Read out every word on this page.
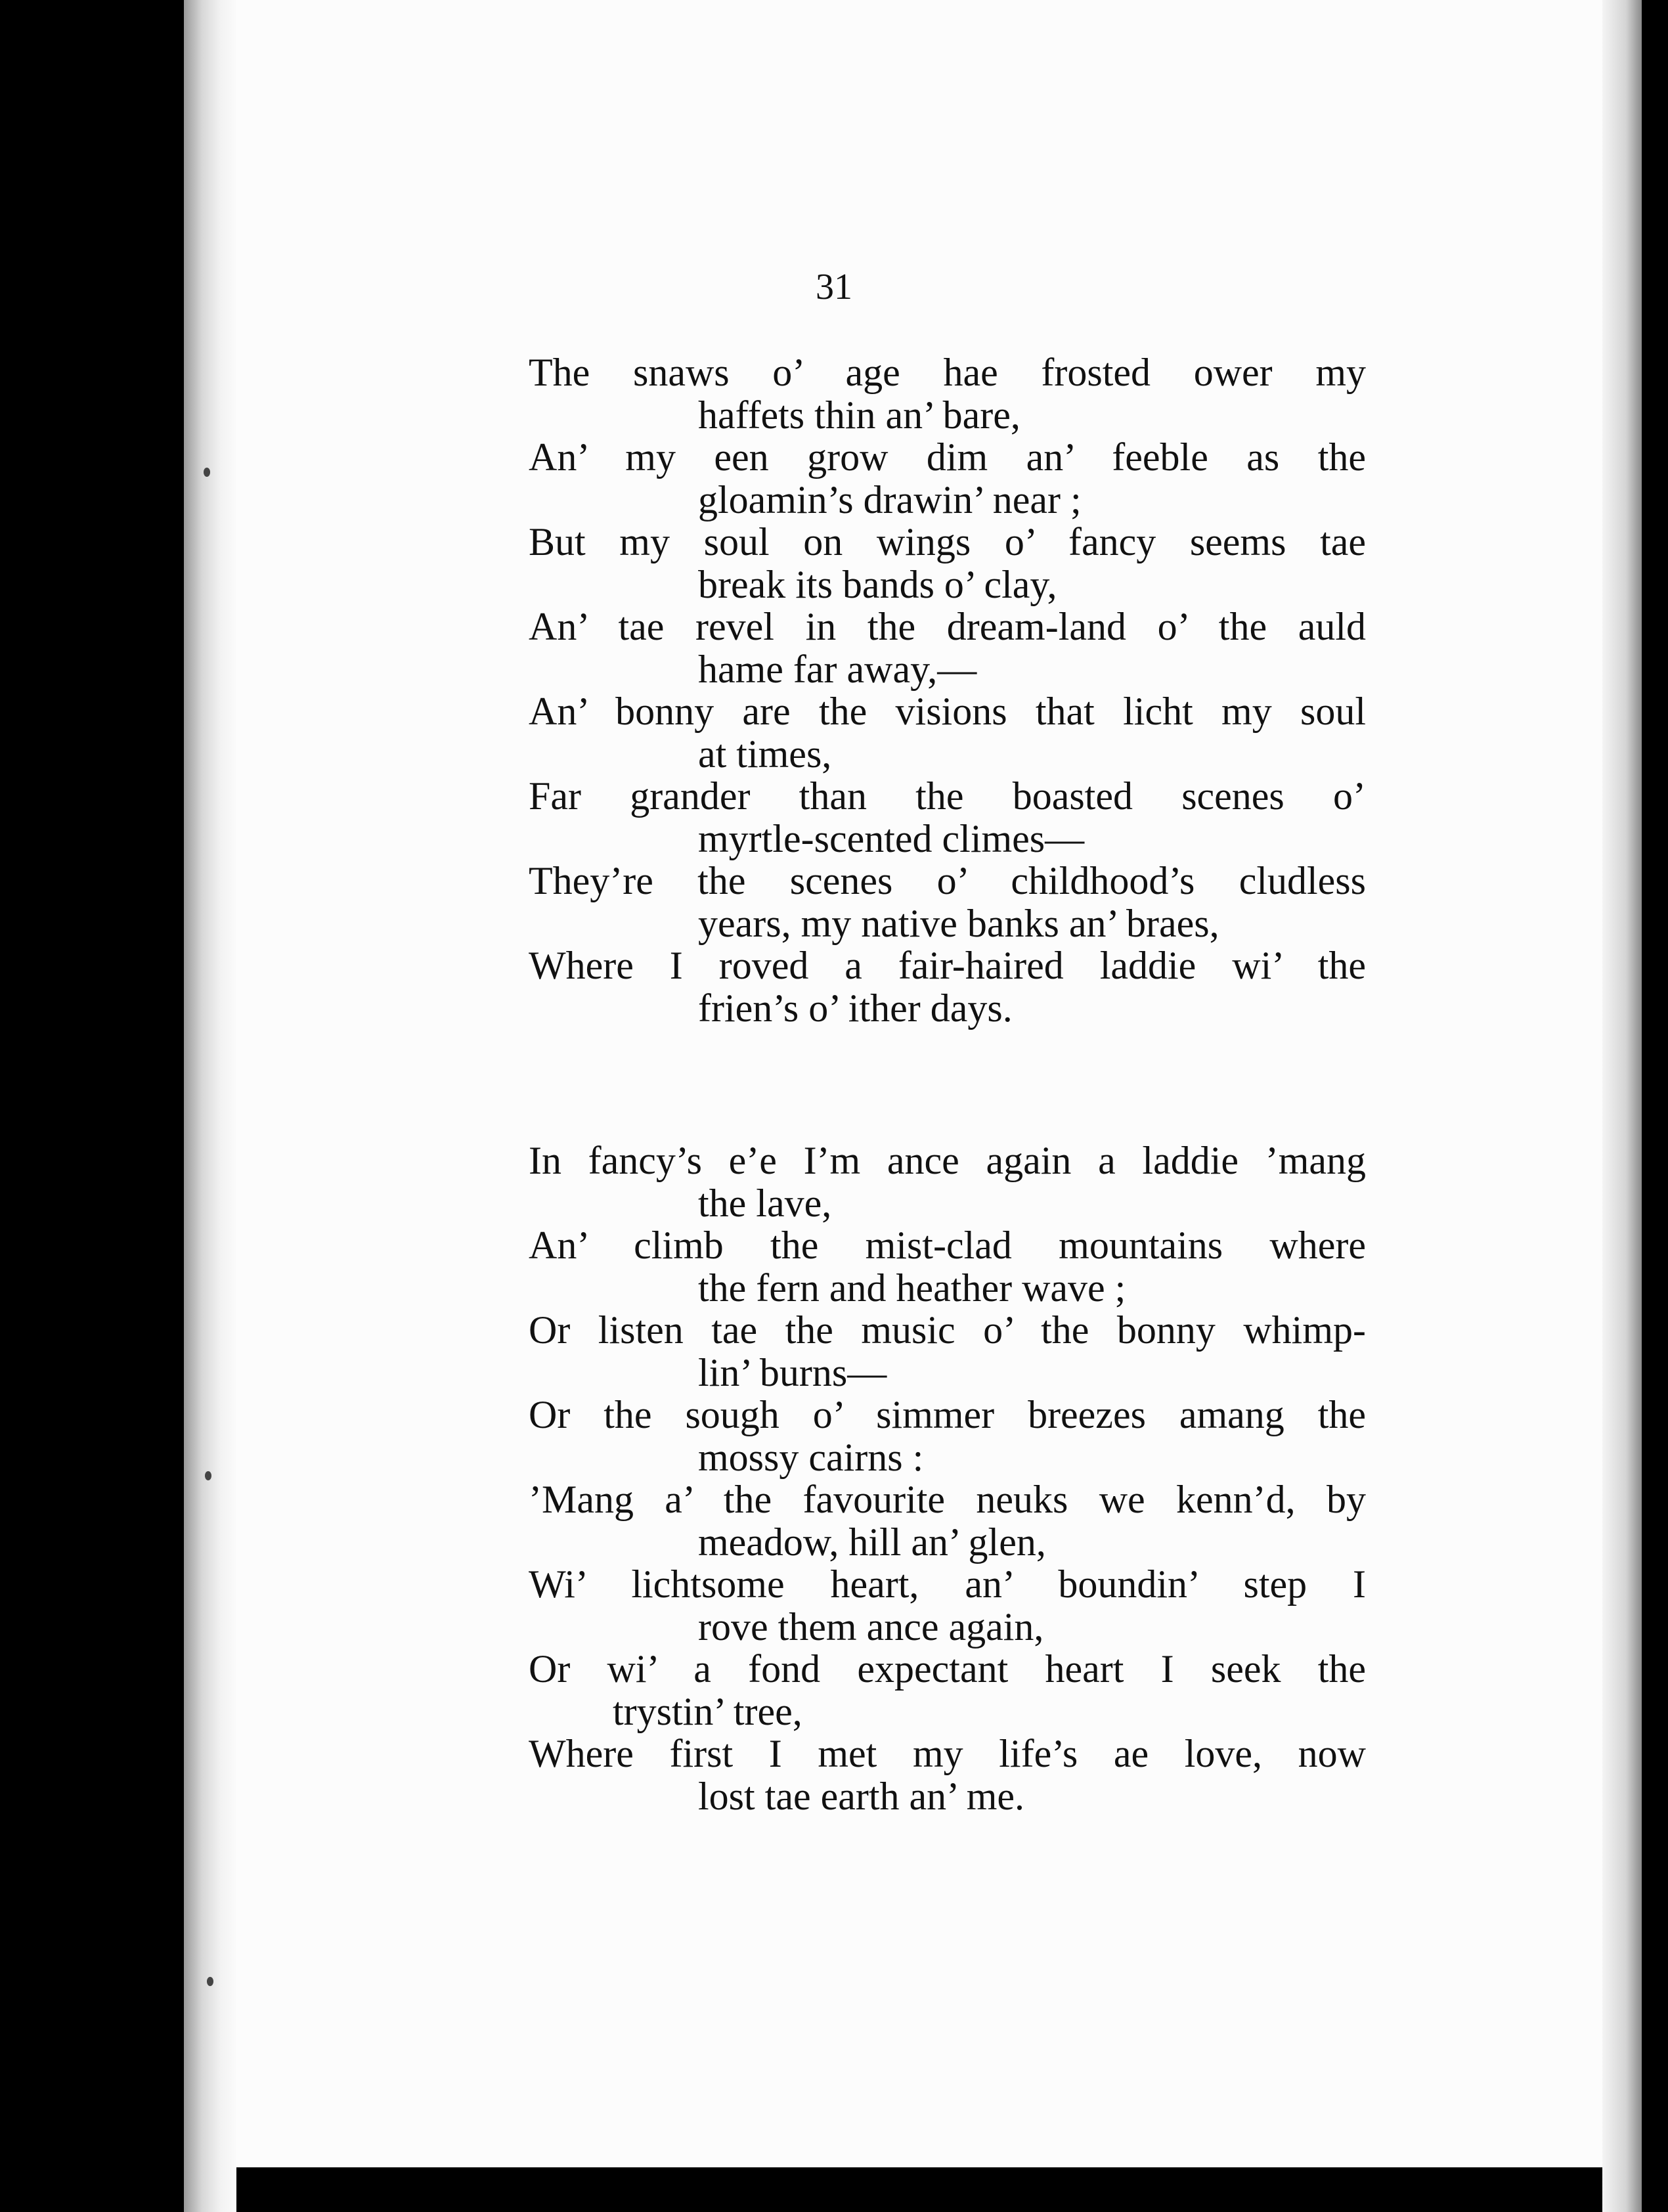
31
The snaws o’ age hae frosted ower my
haffets thin an’ bare,
An’ my een grow dim an’ feeble as the
gloamin’s drawin’ near ;
But my soul on wings o’ fancy seems tae
break its bands o’ clay,
An’ tae revel in the dream-land o’ the auld
hame far away,—
An’ bonny are the visions that licht my soul
at times,
Far grander than the boasted scenes o’
myrtle-scented climes—
They’re the scenes o’ childhood’s cludless
years, my native banks an’ braes,
Where I roved a fair-haired laddie wi’ the
frien’s o’ ither days.
In fancy’s e’e I’m ance again a laddie ’mang
the lave,
An’ climb the mist-clad mountains where
the fern and heather wave ;
Or listen tae the music o’ the bonny whimp-
lin’ burns—
Or the sough o’ simmer breezes amang the
mossy cairns :
’Mang a’ the favourite neuks we kenn’d, by
meadow, hill an’ glen,
Wi’ lichtsome heart, an’ boundin’ step I
rove them ance again,
Or wi’ a fond expectant heart I seek the
trystin’ tree,
Where first I met my life’s ae love, now
lost tae earth an’ me.
